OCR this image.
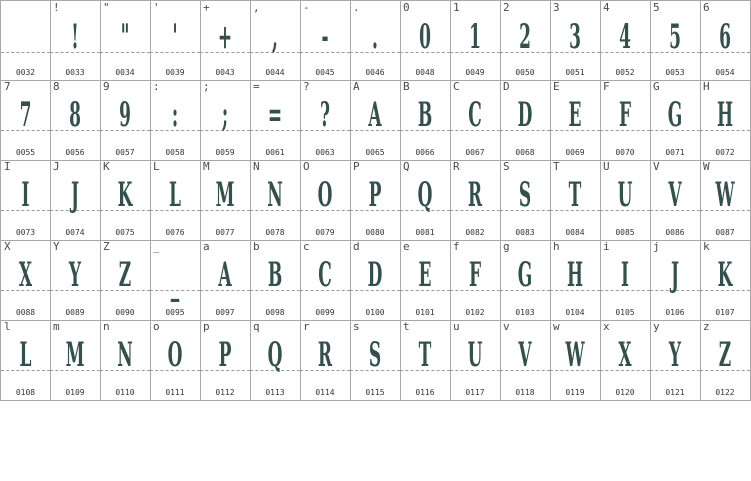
0032
!
!
0033
"
"
0034
'
'
0039
+
+
0043
,
,
0044
-
-
0045
.
.
0046
0
0
0048
1
1
0049
2
2
0050
3
3
0051
4
4
0052
5
5
0053
6
6
0054
7
7
0055
8
8
0056
9
9
0057
:
:
0058
;
;
0059
=
=
0061
?
?
0063
A
A
0065
B
B
0066
C
C
0067
D
D
0068
E
E
0069
F
F
0070
G
G
0071
H
H
0072
I
I
0073
J
J
0074
K
K
0075
L
L
0076
M
M
0077
N
N
0078
O
O
0079
P
P
0080
Q
Q
0081
R
R
0082
S
S
0083
T
T
0084
U
U
0085
V
V
0086
W
W
0087
X
X
0088
Y
Y
0089
Z
Z
0090
_
_
0095
a
A
0097
b
B
0098
c
C
0099
d
D
0100
e
E
0101
f
F
0102
g
G
0103
h
H
0104
i
I
0105
j
J
0106
k
K
0107
l
L
0108
m
M
0109
n
N
0110
o
O
0111
p
P
0112
q
Q
0113
r
R
0114
s
S
0115
t
T
0116
u
U
0117
v
V
0118
w
W
0119
x
X
0120
y
Y
0121
z
Z
0122
